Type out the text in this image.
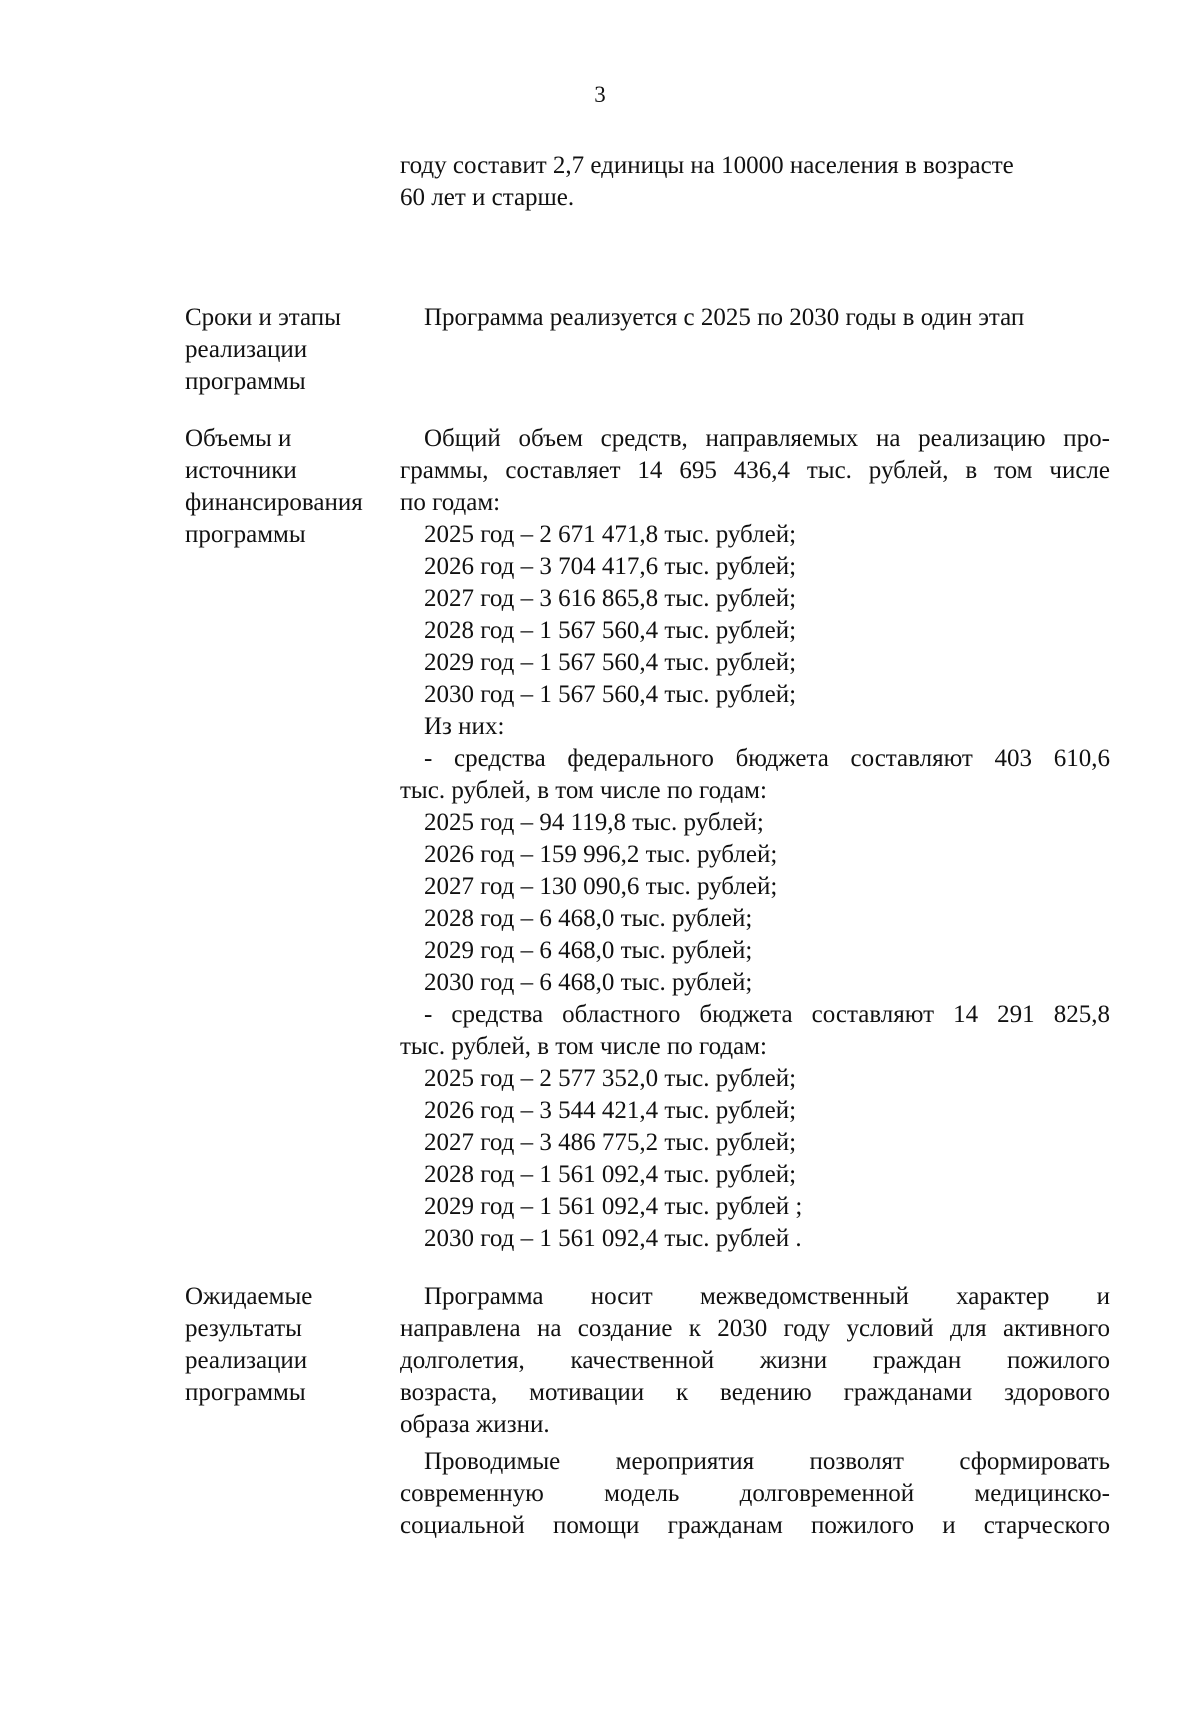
3
году составит 2,7 единицы на 10000 населения в возрасте
60 лет и старше.
Сроки и этапы
реализации
программы
Программа реализуется с 2025 по 2030 годы в один этап
Объемы и
источники
финансирования
программы
Общий объем средств, направляемых на реализацию про-
граммы, составляет 14 695 436,4 тыс. рублей, в том числе
по годам:
2025 год – 2 671 471,8 тыс. рублей;
2026 год – 3 704 417,6 тыс. рублей;
2027 год – 3 616 865,8 тыс. рублей;
2028 год – 1 567 560,4 тыс. рублей;
2029 год – 1 567 560,4 тыс. рублей;
2030 год – 1 567 560,4 тыс. рублей;
Из них:
- средства федерального бюджета составляют 403 610,6
тыс. рублей, в том числе по годам:
2025 год – 94 119,8 тыс. рублей;
2026 год – 159 996,2 тыс. рублей;
2027 год – 130 090,6 тыс. рублей;
2028 год – 6 468,0 тыс. рублей;
2029 год – 6 468,0 тыс. рублей;
2030 год – 6 468,0 тыс. рублей;
- средства областного бюджета составляют 14 291 825,8
тыс. рублей, в том числе по годам:
2025 год – 2 577 352,0 тыс. рублей;
2026 год – 3 544 421,4 тыс. рублей;
2027 год – 3 486 775,2 тыс. рублей;
2028 год – 1 561 092,4 тыс. рублей;
2029 год – 1 561 092,4 тыс. рублей ;
2030 год – 1 561 092,4 тыс. рублей .
Ожидаемые
результаты
реализации
программы
Программа носит межведомственный характер и
направлена на создание к 2030 году условий для активного
долголетия, качественной жизни граждан пожилого
возраста, мотивации к ведению гражданами здорового
образа жизни.
Проводимые мероприятия позволят сформировать
современную модель долговременной медицинско-
социальной помощи гражданам пожилого и старческого
